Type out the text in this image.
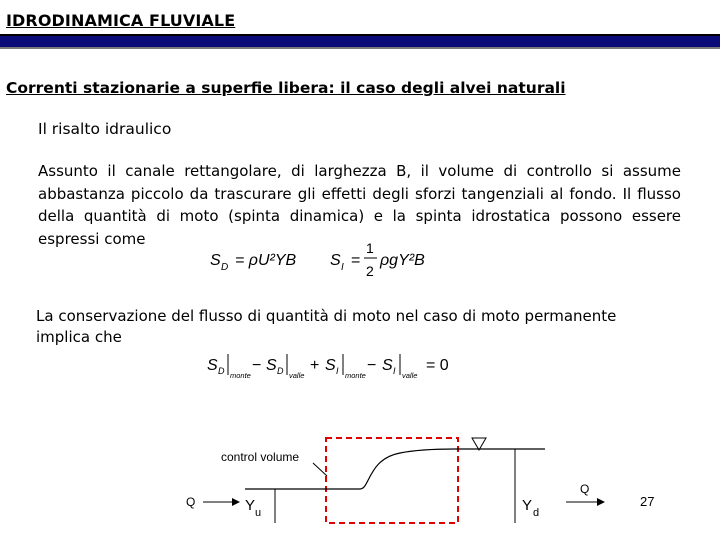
IDRODINAMICA FLUVIALE
Correnti stazionarie a superfie libera: il caso degli alvei naturali
Il risalto idraulico
Assunto il canale rettangolare, di larghezza B, il volume di controllo si assume abbastanza piccolo da trascurare gli effetti degli sforzi tangenziali al fondo. Il flusso della quantità di moto (spinta dinamica) e la spinta idrostatica possono essere espressi come
S D = ρU²YB S I =
1
2
ρgY²B
La conservazione del flusso di quantità di moto nel caso di moto permanente implica che
S D monte
− S D valle
+ S I monte
− S I valle
= 0
control volume
Q	Y u	Y d
Q
27
